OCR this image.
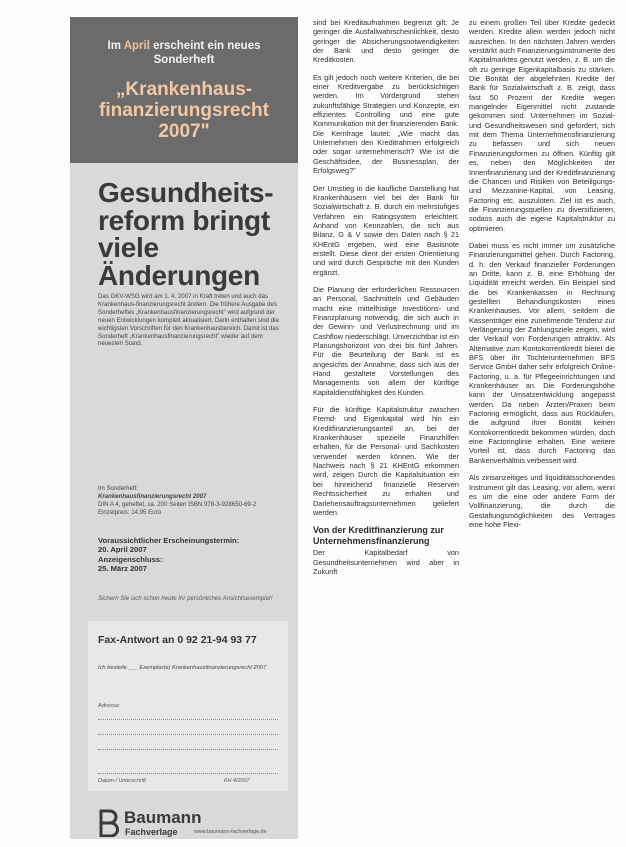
Im April erscheint ein neues Sonderheft
„Krankenhaus-finanzierungsrecht 2007"
Gesundheits-reform bringt viele Änderungen
Das GKV-WSG wird am 1. 4. 2007 in Kraft treten und auch das Krankenhaus-finanzierungsrecht ändern. Die frühere Ausgabe des Sonderheftes „Krankenhausfinanzierungsrecht" wird aufgrund der neuen Entwicklungen komplett aktualisiert. Darin enthalten sind die wichtigsten Vorschriften für den Krankenhausbereich. Damit ist das Sonderheft „Krankenhausfinanzierungsrecht" wieder auf dem neuesten Stand.
Im Sonderheft:
Krankenhausfinanzierungsrecht 2007
DIN A 4, geheftet, ca. 200 Seiten ISBN 978-3-928650-69-2 Einzelpreis: 14,95 Euro
Voraussichtlicher Erscheinungstermin:
20. April 2007
Anzeigenschluss:
25. März 2007
Sichern Sie sich schon heute Ihr persönliches Ansichtsexemplar!
Fax-Antwort an 0 92 21-94 93 77
Ich bestelle ___ Exemplar(e) Krankenhausfinanzierungsrecht 2007
Adresse:
Datum / Unterschrift	KH 4/2007
Baumann
Fachverlage	www.baumann-fachverlage.de

sind bei Kreditaufnahmen begrenzt gilt: Je geringer die Ausfallwahrscheinlichkeit, desto geringer die Absicherungsnotwendigkeiten der Bank und desto geringer die Kreditkosten.

Es gilt jedoch noch weitere Kriterien, die bei einer Kreditvergabe zu berücksichtigen werden. Im Vordergrund stehen zukunftsfähige Strategien und Konzepte, ein effizientes Controlling und eine gute Kommunikation mit der finanzierenden Bank. Die Kernfrage lautet: „Wie macht das Unternehmen den Kreditrahmen erfolgreich oder sogar unternehmerisch? Wie ist die Geschäftsidee, der Businessplan, der Erfolgsweg?"

Der Umstieg in die kaufliche Darstellung hat Krankenhäusern viel bei der Bank für Sozialwirtschaft z. B. durch ein mehrstufiges Verfahren ein Ratingsystem erleichtert. Anhand von Kennzahlen, die sich aus Bilanz, G & V sowie den Daten nach § 21 KHEntG ergeben, wird eine Basisnote erstellt. Diese dient der ersten Orientierung und wird durch Gespräche mit den Kunden ergänzt.

Die Planung der erforderlichen Ressourcen an Personal, Sachmitteln und Gebäuden macht eine mittelfristige Investitions- und Finanzplanung notwendig, die sich auch in der Gewinn- und Verlustrechnung und im Cashflow niederschlägt. Unverzichtbar ist ein Planungshorizont von drei bis fünf Jahren. Für die Beurteilung der Bank ist es angesichts der Annahme, dass sich aus der Hand gestaltete Vorstellungen des Managements von allem der künftige Kapitaldienstfähigkeit des Kunden.

Für die künftige Kapitalstruktur zwischen Fremd- und Eigenkapital wird hin ein Kreditfinanzierungsanteil an, bei der Krankenhäuser spezielle Finanzhilfen erhalten, für die Personal- und Sachkosten verwendet werden können. Wie der Nachweis nach § 21 KHEntG erkommen wird, zeigen Durch die Kapitalsituation ein bei hinreichend finanzielle Reserven Rechtssicherheit zu erhalten und Darlehensauftragsunternehmen geliefert werden.

Von der Kreditfinanzierung zur Unternehmensfinanzierung

Der Kapitalbedarf von Gesundheitsunternehmen wird aber in Zukunft

zu einem großen Teil über Kredite gedeckt werden. Kredite allein werden jedoch nicht ausreichen. In den nächsten Jahren werden verstärkt auch Finanzierungsinstrumente des Kapitalmarktes genutzt werden, z. B. um die oft zu geringe Eigenkapitalbasis zu stärken. Die Bonität der abgelehnten Kredite der Bank für Sozialwirtschaft z. B. zeigt, dass fast 50 Prozent der Kredite wegen mangelnder Eigenmittel nicht zustande gekommen sind. Unternehmen im Sozial- und Gesundheitswesen sind gefordert, sich mit dem Thema Unternehmensfinanzierung zu befassen und sich neuen Finanzierungsformen zu öffnen. Künftig gilt es, neben den Möglichkeiten der Innenfinanzierung und der Kreditfinanzierung die Chancen und Risiken von Beteiligungs- und Mezzanine-Kapital, von Leasing, Factoring etc. auszuloten. Ziel ist es auch, die Finanzierungsquellen zu diversifizieren, sodass auch die eigene Kapitalstruktur zu optimieren.

Dabei muss es nicht immer um zusätzliche Finanzierungsmittel gehen. Durch Factoring, d. h. den Verkauf finanzieller Forderungen an Dritte, kann z. B. eine Erhöhung der Liquidität erreicht werden. Ein Beispiel sind die bei Krankenkassen in Rechnung gestellten Behandlungskosten eines Krankenhauses. Vor allem, seitdem die Kassenträger eine zunehmende Tendenz zur Verlängerung der Zahlungsziele zeigen, wird der Verkauf von Forderungen attraktiv. Als Alternative zum Kontokorrentkredit bietet die BFS über ihr Tochterunternehmen BFS Service GmbH daher sehr erfolgreich Online-Factoring, u. a. für Pflegeeinrichtungen und Krankenhäuser an. Die Forderungshöhe kann der Umsatzentwicklung angepasst werden. Da neben Ärzten/Praxen beim Factoring ermöglicht, dass aus Rückläufen, die aufgrund ihrer Bonität keinen Kontokorrentkredit bekommen würden, doch eine Factoringlinie erhalten. Eine weitere Vorteil ist, dass durch Factoring das Bankenverhältnis verbessert wird.

Als zinsanzeitiges und liquiditätsschonendes Instrument gilt das Leasing, vor allem, wenn es um die eine oder andere Form der Vollfinanzierung, die durch die Gestaltungsmöglichkeiten des Vertrages eine hohe Flexi-
